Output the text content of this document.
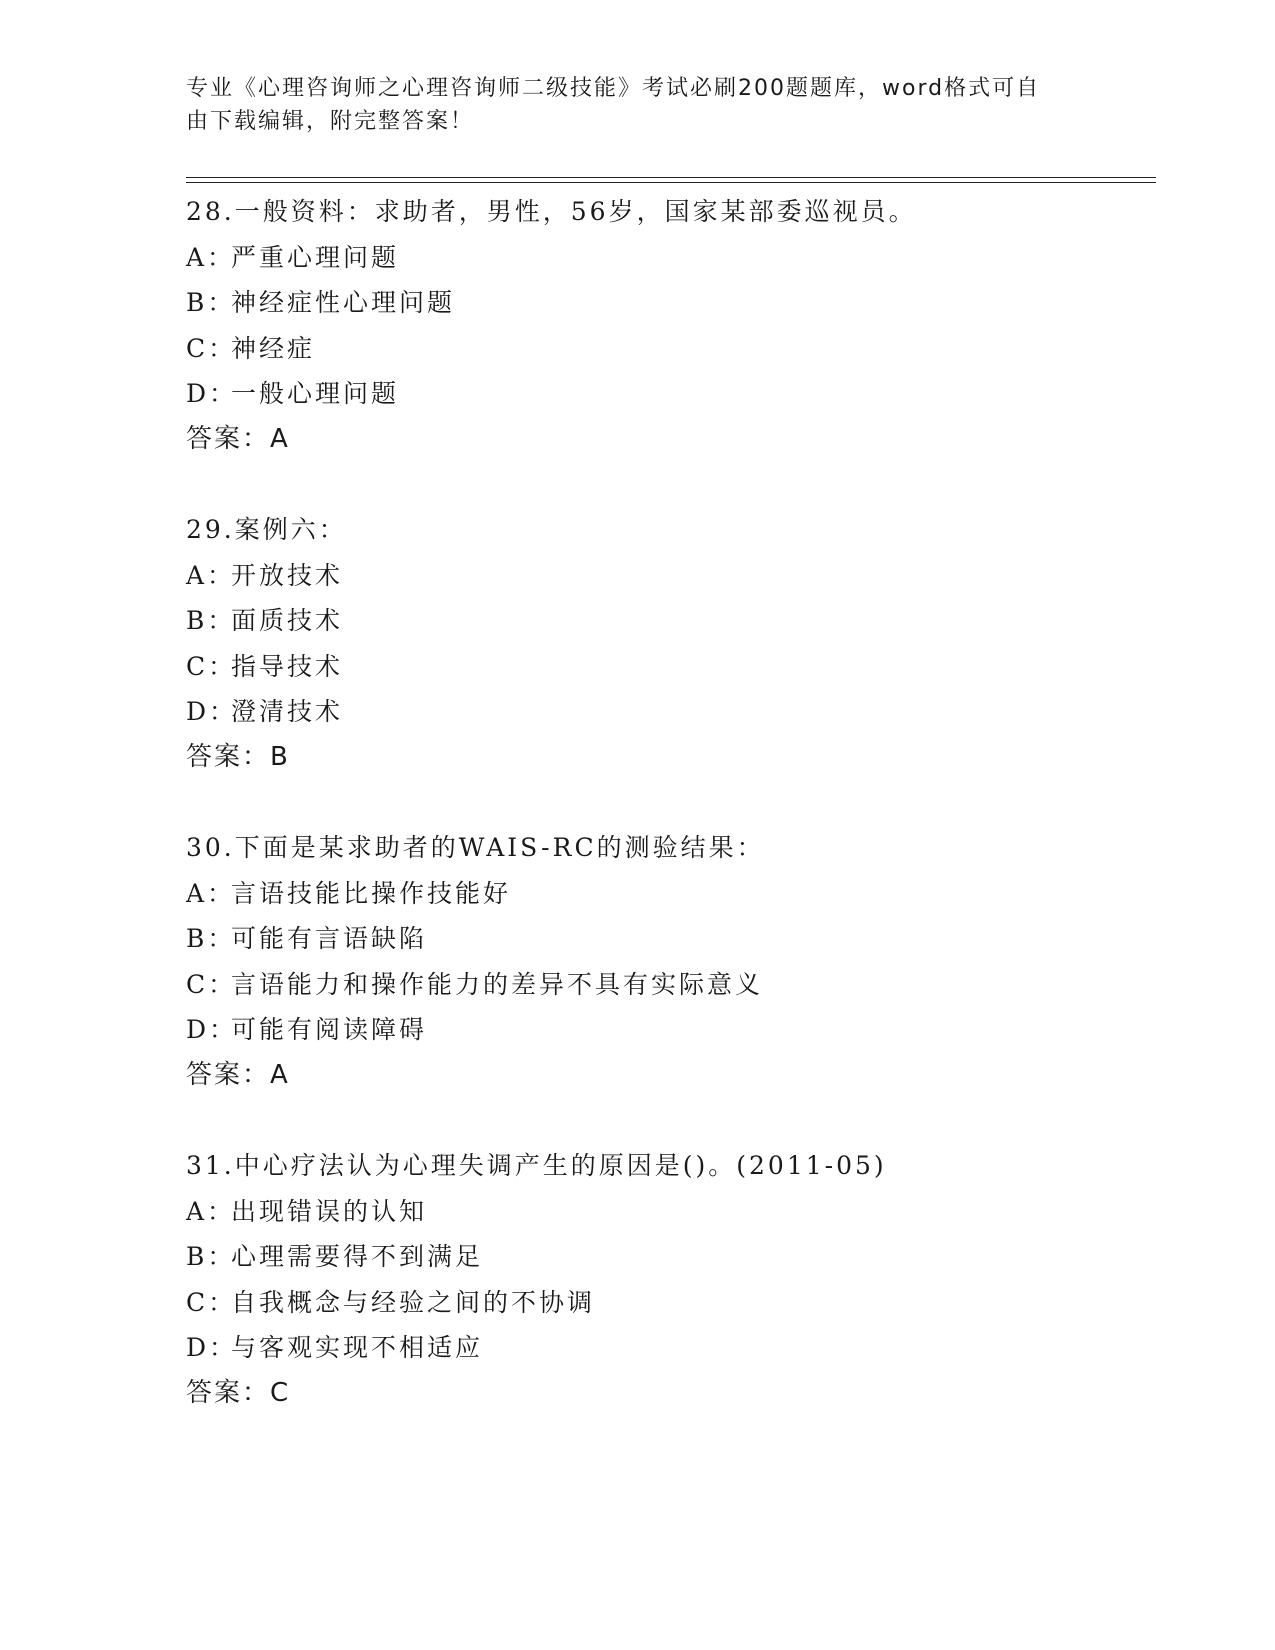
专业《心理咨询师之心理咨询师二级技能》考试必刷200题题库，word格式可自
由下载编辑，附完整答案！
28.一般资料：求助者，男性，56岁，国家某部委巡视员。
A：严重心理问题
B：神经症性心理问题
C：神经症
D：一般心理问题
答案：A
29.案例六：
A：开放技术
B：面质技术
C：指导技术
D：澄清技术
答案：B
30.下面是某求助者的WAIS-RC的测验结果：
A：言语技能比操作技能好
B：可能有言语缺陷
C：言语能力和操作能力的差异不具有实际意义
D：可能有阅读障碍
答案：A
31.中心疗法认为心理失调产生的原因是()。(2011-05)
A：出现错误的认知
B：心理需要得不到满足
C：自我概念与经验之间的不协调
D：与客观实现不相适应
答案：C
